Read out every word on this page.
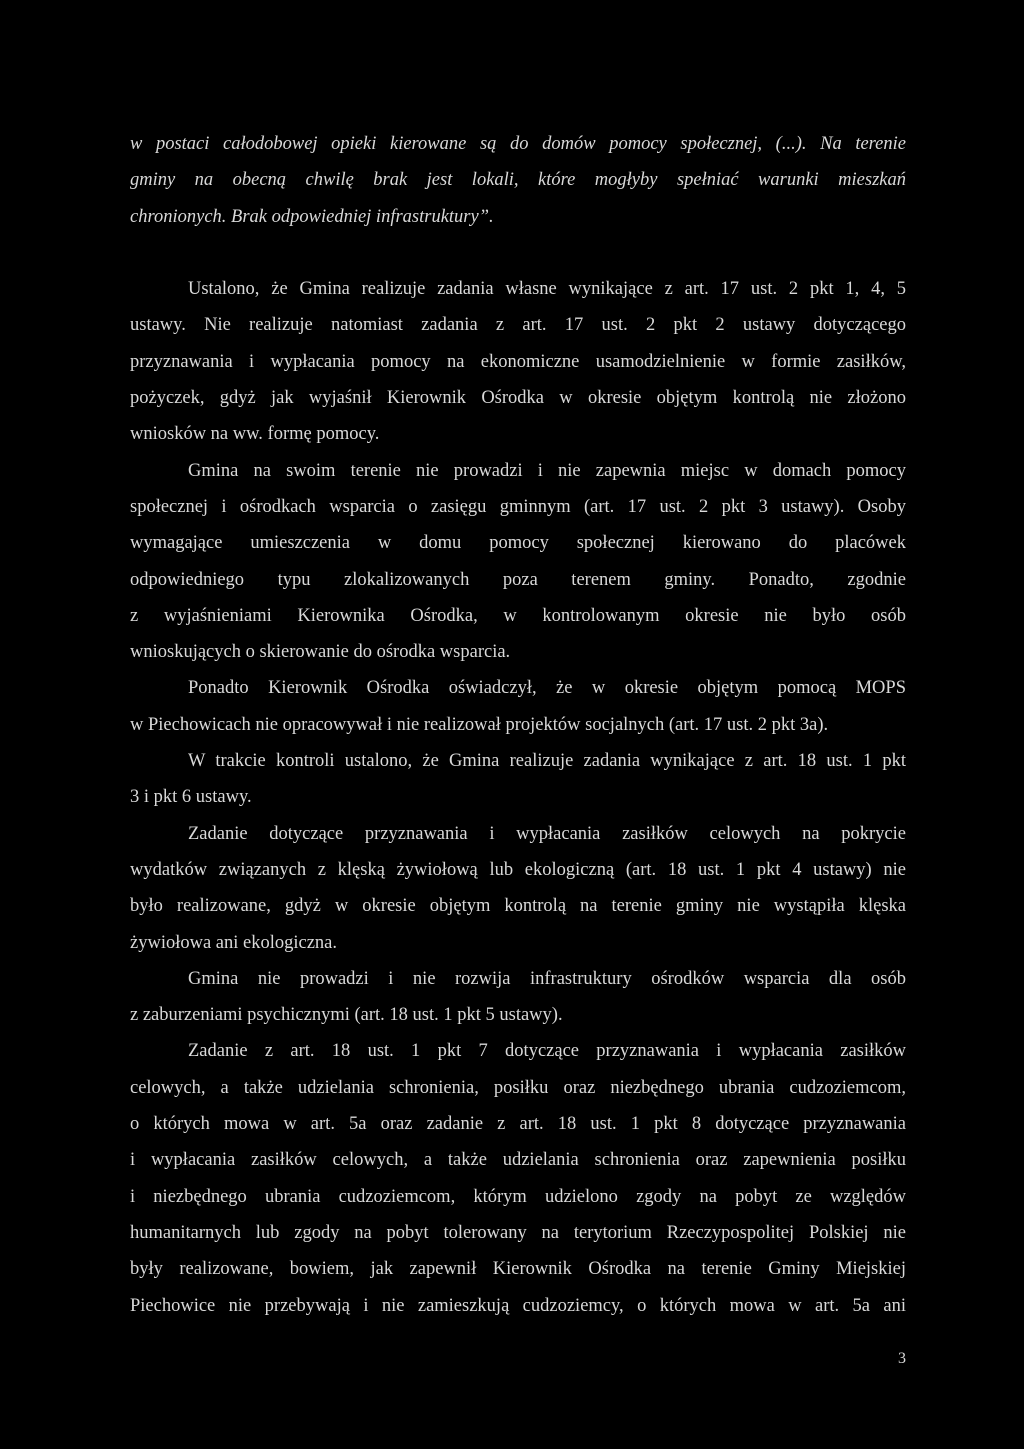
w postaci całodobowej opieki kierowane są do domów pomocy społecznej, (...). Na terenie
gminy na obecną chwilę brak jest lokali, które mogłyby spełniać warunki mieszkań
chronionych. Brak odpowiedniej infrastruktury”.
Ustalono, że Gmina realizuje zadania własne wynikające z art. 17 ust. 2 pkt 1, 4, 5
ustawy. Nie realizuje natomiast zadania z art. 17 ust. 2 pkt 2 ustawy dotyczącego
przyznawania i wypłacania pomocy na ekonomiczne usamodzielnienie w formie zasiłków,
pożyczek, gdyż jak wyjaśnił Kierownik Ośrodka w okresie objętym kontrolą nie złożono
wniosków na ww. formę pomocy.
Gmina na swoim terenie nie prowadzi i nie zapewnia miejsc w domach pomocy
społecznej i ośrodkach wsparcia o zasięgu gminnym (art. 17 ust. 2 pkt 3 ustawy). Osoby
wymagające umieszczenia w domu pomocy społecznej kierowano do placówek
odpowiedniego typu zlokalizowanych poza terenem gminy. Ponadto, zgodnie
z wyjaśnieniami Kierownika Ośrodka, w kontrolowanym okresie nie było osób
wnioskujących o skierowanie do ośrodka wsparcia.
Ponadto Kierownik Ośrodka oświadczył, że w okresie objętym pomocą MOPS
w Piechowicach nie opracowywał i nie realizował projektów socjalnych (art. 17 ust. 2 pkt 3a).
W trakcie kontroli ustalono, że Gmina realizuje zadania wynikające z art. 18 ust. 1 pkt
3 i pkt 6 ustawy.
Zadanie dotyczące przyznawania i wypłacania zasiłków celowych na pokrycie
wydatków związanych z klęską żywiołową lub ekologiczną (art. 18 ust. 1 pkt 4 ustawy) nie
było realizowane, gdyż w okresie objętym kontrolą na terenie gminy nie wystąpiła klęska
żywiołowa ani ekologiczna.
Gmina nie prowadzi i nie rozwija infrastruktury ośrodków wsparcia dla osób
z zaburzeniami psychicznymi (art. 18 ust. 1 pkt 5 ustawy).
Zadanie z art. 18 ust. 1 pkt 7 dotyczące przyznawania i wypłacania zasiłków
celowych, a także udzielania schronienia, posiłku oraz niezbędnego ubrania cudzoziemcom,
o których mowa w art. 5a oraz zadanie z art. 18 ust. 1 pkt 8 dotyczące przyznawania
i wypłacania zasiłków celowych, a także udzielania schronienia oraz zapewnienia posiłku
i niezbędnego ubrania cudzoziemcom, którym udzielono zgody na pobyt ze względów
humanitarnych lub zgody na pobyt tolerowany na terytorium Rzeczypospolitej Polskiej nie
były realizowane, bowiem, jak zapewnił Kierownik Ośrodka na terenie Gminy Miejskiej
Piechowice nie przebywają i nie zamieszkują cudzoziemcy, o których mowa w art. 5a ani
3
